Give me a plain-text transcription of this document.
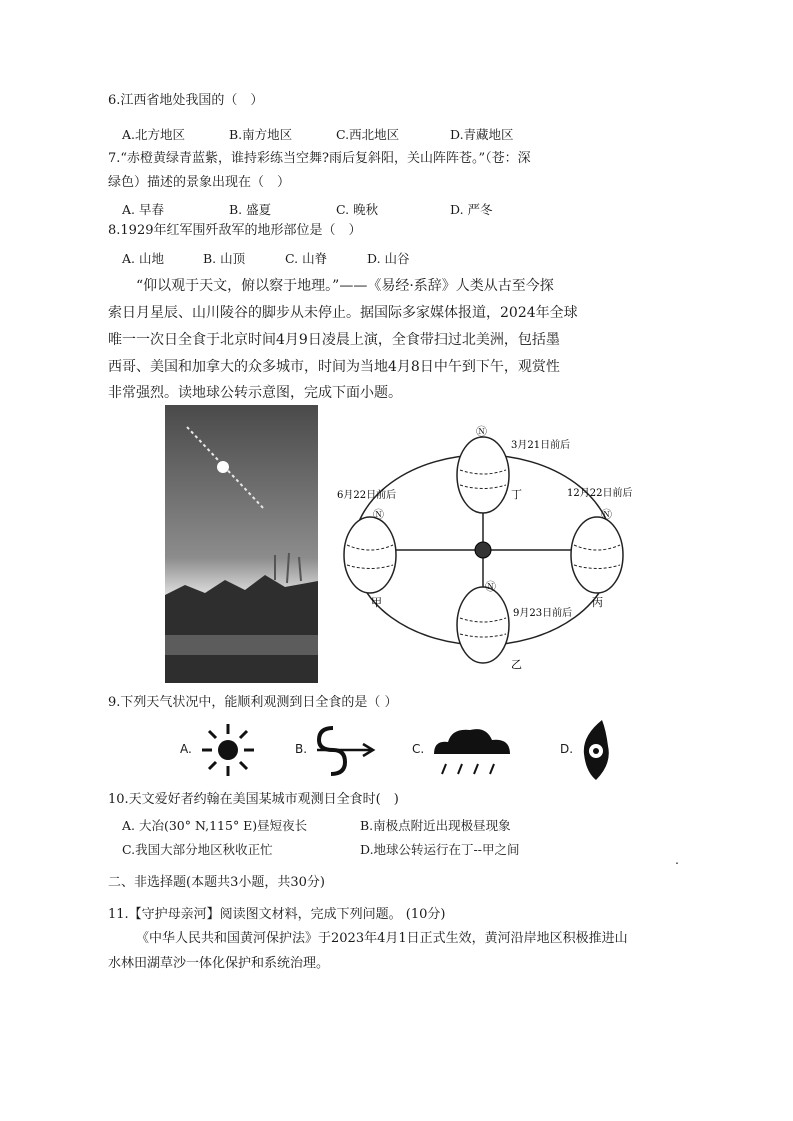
6.江西省地处我国的（　）
A.北方地区	B.南方地区	C.西北地区	D.青藏地区
7.“赤橙黄绿青蓝紫，谁持彩练当空舞?雨后复斜阳，关山阵阵苍。”（苍：深
绿色）描述的景象出现在（　）
A. 早春	B. 盛夏	C. 晚秋	D. 严冬
8.1929年红军围歼敌军的地形部位是（　）
A. 山地	B. 山顶	C. 山脊	D. 山谷
“仰以观于天文，俯以察于地理。”——《易经·系辞》人类从古至今探
索日月星辰、山川陵谷的脚步从未停止。据国际多家媒体报道，2024年全球
唯一一次日全食于北京时间4月9日凌晨上演，全食带扫过北美洲，包括墨
西哥、美国和加拿大的众多城市，时间为当地4月8日中午到下午，观赏性
非常强烈。读地球公转示意图，完成下面小题。
3月21日前后
6月22日前后	12月22日前后
9月23日前后
丁
甲	丙
乙
Ⓝ
Ⓝ	Ⓝ
Ⓝ
9.下列天气状况中，能顺利观测到日全食的是（ ）
A.	B.	C.	D.
10.天文爱好者约翰在美国某城市观测日全食时(　)
A. 大冶(30° N,115° E)昼短夜长	B.南极点附近出现极昼现象
C.我国大部分地区秋收正忙	D.地球公转运行在丁--甲之间
.
二、非选择题(本题共3小题，共30分)
11.【守护母亲河】阅读图文材料，完成下列问题。 (10分)
《中华人民共和国黄河保护法》于2023年4月1日正式生效，黄河沿岸地区积极推进山
水林田湖草沙一体化保护和系统治理。
